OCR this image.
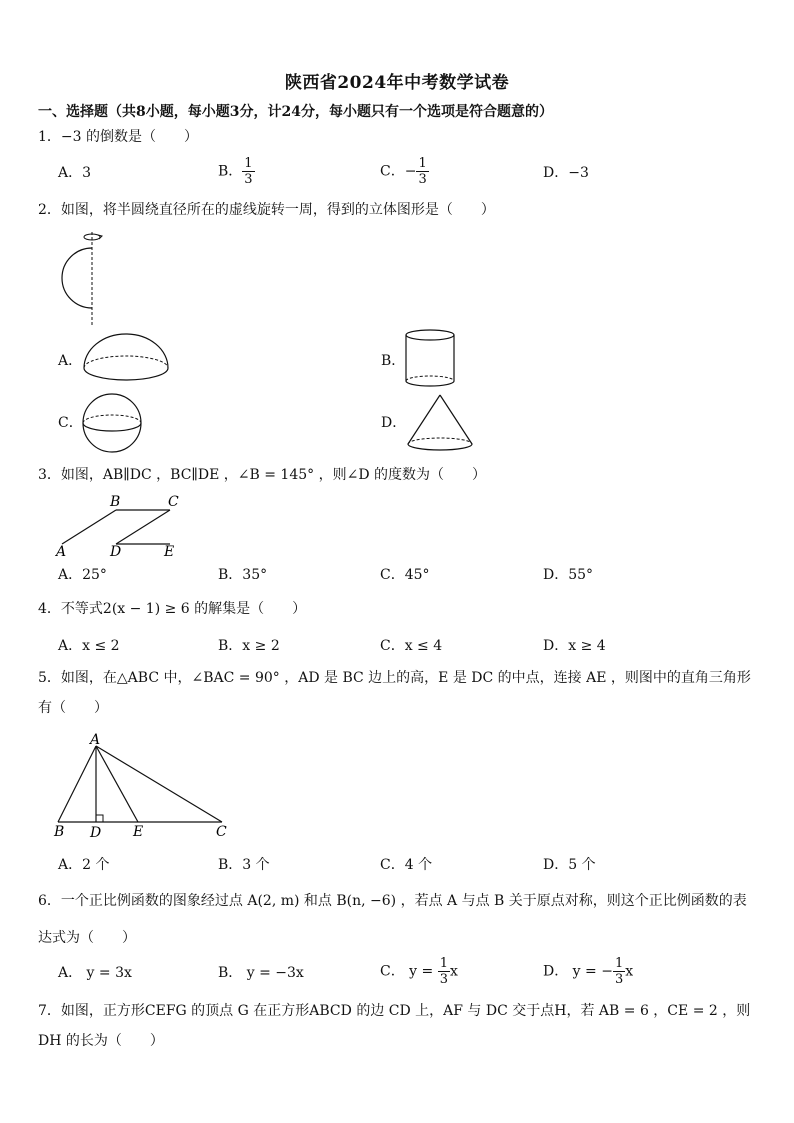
陕西省2024年中考数学试卷
一、选择题（共8小题，每小题3分，计24分，每小题只有一个选项是符合题意的）
1．−3 的倒数是（　　）
A．3	B． $\frac{1}{3}$	C．− $\frac{1}{3}$	D．−3
2．如图，将半圆绕直径所在的虚线旋转一周，得到的立体图形是（　　）
A．	B．
C．	D．
3．如图，AB∥DC ，BC∥DE ，∠B = 145° ，则∠D 的度数为（　　）
B	C
A	D	E
A．25°	B．35°	C．45°	D．55°
4．不等式2(x − 1) ≥ 6 的解集是（　　）
A．x ≤ 2	B．x ≥ 2	C．x ≤ 4	D．x ≥ 4
5．如图，在△ABC 中，∠BAC = 90° ，AD 是 BC 边上的高，E 是 DC 的中点，连接 AE ，则图中的直角三角形
有（　　）
A
B D E	C
A．2 个	B．3 个	C．4 个	D．5 个
6．一个正比例函数的图象经过点 A(2, m) 和点 B(n, −6) ，若点 A 与点 B 关于原点对称，则这个正比例函数的表
达式为（　　）
A． y = 3x	B． y = −3x	C． $y = \frac{1}{3}$ x	D． y = − $\frac{1}{3}$ x
7．如图，正方形CEFG 的顶点 G 在正方形ABCD 的边 CD 上，AF 与 DC 交于点H，若 AB = 6 ，CE = 2 ，则
DH 的长为（　　）
